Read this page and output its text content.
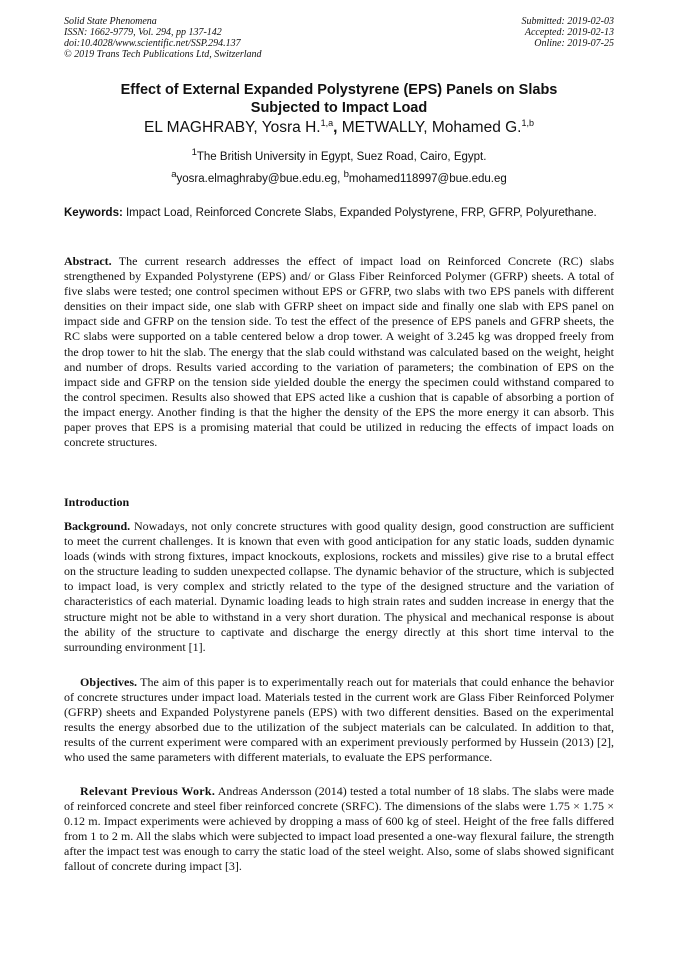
Solid State Phenomena
ISSN: 1662-9779, Vol. 294, pp 137-142
doi:10.4028/www.scientific.net/SSP.294.137
© 2019 Trans Tech Publications Ltd, Switzerland
Submitted: 2019-02-03
Accepted: 2019-02-13
Online: 2019-07-25
Effect of External Expanded Polystyrene (EPS) Panels on Slabs
Subjected to Impact Load
EL MAGHRABY, Yosra H.$^{1,a}$, METWALLY, Mohamed G.$^{1,b}$
$^1$The British University in Egypt, Suez Road, Cairo, Egypt.
$^a$yosra.elmaghraby@bue.edu.eg, $^b$mohamed118997@bue.edu.eg
Keywords: Impact Load, Reinforced Concrete Slabs, Expanded Polystyrene, FRP, GFRP, Polyurethane.
Abstract. The current research addresses the effect of impact load on Reinforced Concrete (RC) slabs strengthened by Expanded Polystyrene (EPS) and/ or Glass Fiber Reinforced Polymer (GFRP) sheets. A total of five slabs were tested; one control specimen without EPS or GFRP, two slabs with two EPS panels with different densities on their impact side, one slab with GFRP sheet on impact side and finally one slab with EPS panel on impact side and GFRP on the tension side. To test the effect of the presence of EPS panels and GFRP sheets, the RC slabs were supported on a table centered below a drop tower. A weight of 3.245 kg was dropped freely from the drop tower to hit the slab. The energy that the slab could withstand was calculated based on the weight, height and number of drops. Results varied according to the variation of parameters; the combination of EPS on the impact side and GFRP on the tension side yielded double the energy the specimen could withstand compared to the control specimen. Results also showed that EPS acted like a cushion that is capable of absorbing a portion of the impact energy. Another finding is that the higher the density of the EPS the more energy it can absorb. This paper proves that EPS is a promising material that could be utilized in reducing the effects of impact loads on concrete structures.
Introduction
Background. Nowadays, not only concrete structures with good quality design, good construction are sufficient to meet the current challenges. It is known that even with good anticipation for any static loads, sudden dynamic loads (winds with strong fixtures, impact knockouts, explosions, rockets and missiles) give rise to a brutal effect on the structure leading to sudden unexpected collapse. The dynamic behavior of the structure, which is subjected to impact load, is very complex and strictly related to the type of the designed structure and the variation of characteristics of each material. Dynamic loading leads to high strain rates and sudden increase in energy that the structure might not be able to withstand in a very short duration. The physical and mechanical response is about the ability of the structure to captivate and discharge the energy directly at this short time interval to the surrounding environment [1].
Objectives. The aim of this paper is to experimentally reach out for materials that could enhance the behavior of concrete structures under impact load. Materials tested in the current work are Glass Fiber Reinforced Polymer (GFRP) sheets and Expanded Polystyrene panels (EPS) with two different densities. Based on the experimental results the energy absorbed due to the utilization of the subject materials can be calculated. In addition to that, results of the current experiment were compared with an experiment previously performed by Hussein (2013) [2], who used the same parameters with different materials, to evaluate the EPS performance.
Relevant Previous Work. Andreas Andersson (2014) tested a total number of 18 slabs. The slabs were made of reinforced concrete and steel fiber reinforced concrete (SRFC). The dimensions of the slabs were 1.75 × 1.75 × 0.12 m. Impact experiments were achieved by dropping a mass of 600 kg of steel. Height of the free falls differed from 1 to 2 m. All the slabs which were subjected to impact load presented a one-way flexural failure, the strength after the impact test was enough to carry the static load of the steel weight. Also, some of slabs showed significant fallout of concrete during impact [3].
